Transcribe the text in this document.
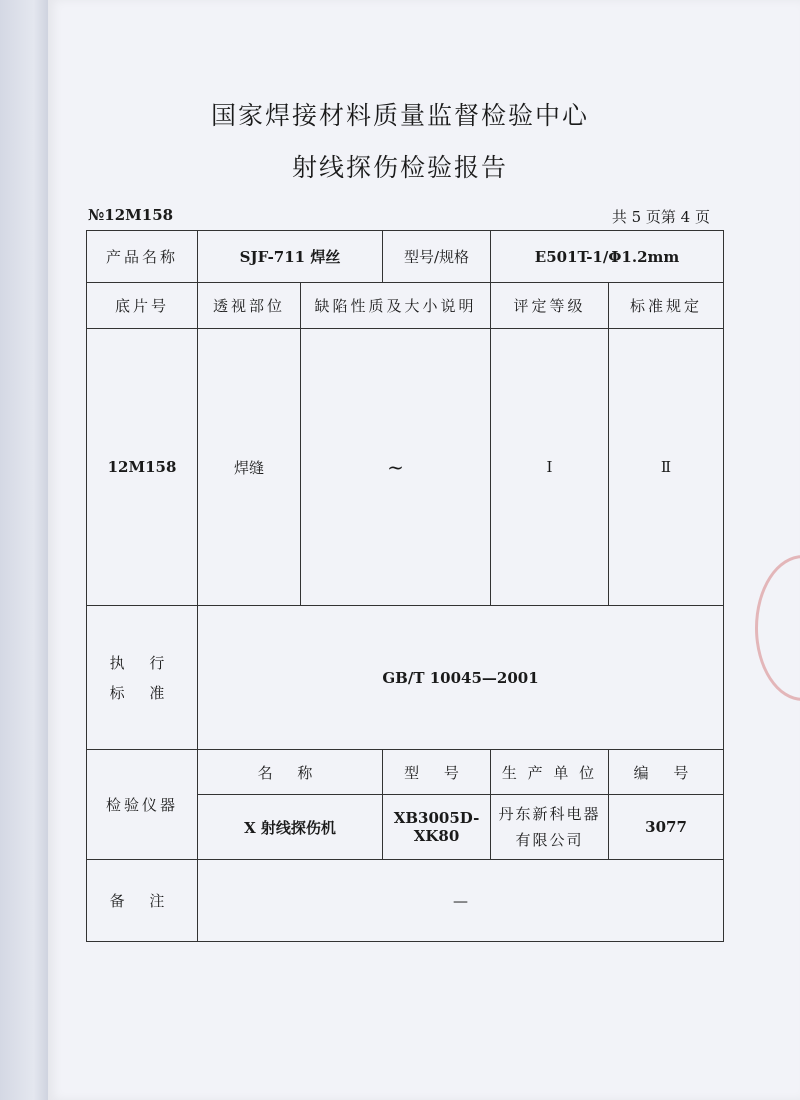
国家焊接材料质量监督检验中心
射线探伤检验报告
№12M158	共 5 页第 4 页
产品名称	SJF-711 焊丝		型号/规格	E501T-1/Φ1.2mm	
底片号	透视部位	缺陷性质及大小说明		评定等级	标准规定
12M158	焊缝	~		Ⅰ	Ⅱ

执 行
标 准	GB/T 10045—2001				
检验仪器	名 称		型 号	生 产 单 位	编 号
	X 射线探伤机		XB3005D-XK80	丹东新科电器
有限公司	3077
备 注	—				
